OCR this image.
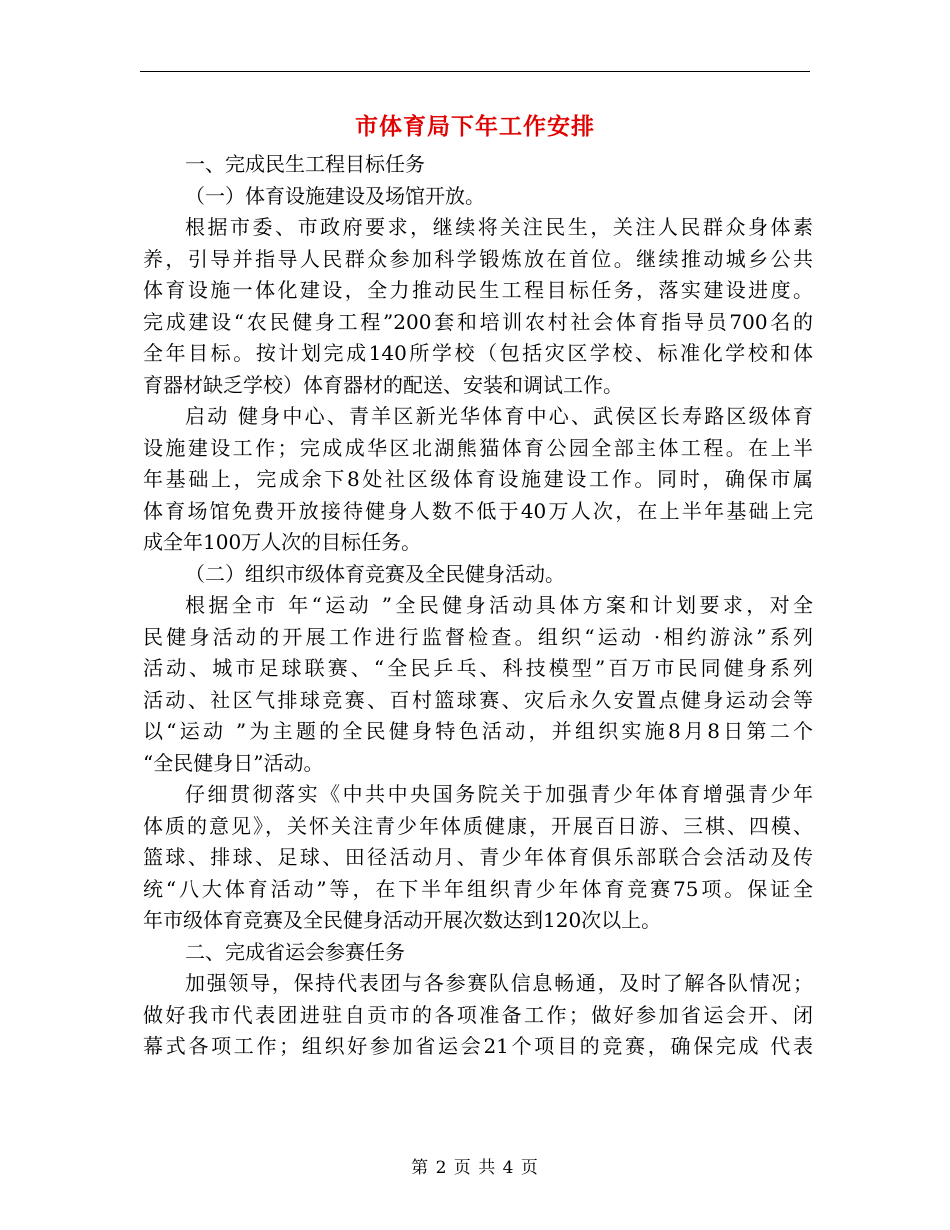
市体育局下年工作安排
一、完成民生工程目标任务
（一）体育设施建设及场馆开放。
根据市委、市政府要求，继续将关注民生，关注人民群众身体素
养，引导并指导人民群众参加科学锻炼放在首位。继续推动城乡公共
体育设施一体化建设，全力推动民生工程目标任务，落实建设进度。
完成建设“农民健身工程”200套和培训农村社会体育指导员700名的
全年目标。按计划完成140所学校（包括灾区学校、标准化学校和体
育器材缺乏学校）体育器材的配送、安装和调试工作。
启动 健身中心、青羊区新光华体育中心、武侯区长寿路区级体育
设施建设工作；完成成华区北湖熊猫体育公园全部主体工程。在上半
年基础上，完成余下8处社区级体育设施建设工作。同时，确保市属
体育场馆免费开放接待健身人数不低于40万人次，在上半年基础上完
成全年100万人次的目标任务。
（二）组织市级体育竞赛及全民健身活动。
根据全市 年“运动 ”全民健身活动具体方案和计划要求，对全
民健身活动的开展工作进行监督检查。组织“运动 ·相约游泳”系列
活动、城市足球联赛、“全民乒乓、科技模型”百万市民同健身系列
活动、社区气排球竞赛、百村篮球赛、灾后永久安置点健身运动会等
以“运动 ”为主题的全民健身特色活动，并组织实施8月8日第二个
“全民健身日”活动。
仔细贯彻落实《中共中央国务院关于加强青少年体育增强青少年
体质的意见》，关怀关注青少年体质健康，开展百日游、三棋、四模、
篮球、排球、足球、田径活动月、青少年体育俱乐部联合会活动及传
统“八大体育活动”等，在下半年组织青少年体育竞赛75项。保证全
年市级体育竞赛及全民健身活动开展次数达到120次以上。
二、完成省运会参赛任务
加强领导，保持代表团与各参赛队信息畅通，及时了解各队情况；
做好我市代表团进驻自贡市的各项准备工作；做好参加省运会开、闭
幕式各项工作；组织好参加省运会21个项目的竞赛，确保完成 代表
第 2 页 共 4 页
